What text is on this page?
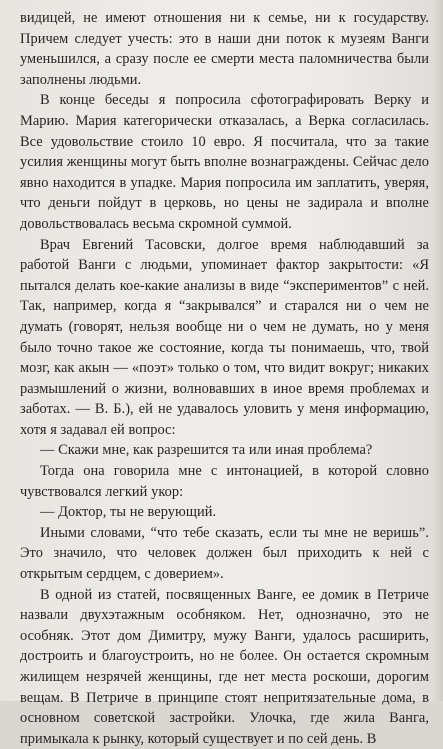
видицей, не имеют отношения ни к семье, ни к государству. Причем следует учесть: это в наши дни поток к музеям Ванги уменьшился, а сразу после ее смерти места паломничества были заполнены людьми.

В конце беседы я попросила сфотографировать Верку и Марию. Мария категорически отказалась, а Верка согласилась. Все удовольствие стоило 10 евро. Я посчитала, что за такие усилия женщины могут быть вполне вознаграждены. Сейчас дело явно находится в упадке. Мария попросила им заплатить, уверяя, что деньги пойдут в церковь, но цены не задирала и вполне довольствовалась весьма скромной суммой.

Врач Евгений Тасовски, долгое время наблюдавший за работой Ванги с людьми, упоминает фактор закрытости: «Я пытался делать кое-какие анализы в виде “экспериментов” с ней. Так, например, когда я “закрывался” и старался ни о чем не думать (говорят, нельзя вообще ни о чем не думать, но у меня было точно такое же состояние, когда ты понимаешь, что, твой мозг, как акын — «поэт» только о том, что видит вокруг; никаких размышлений о жизни, волновавших в иное время проблемах и заботах. — В. Б.), ей не удавалось уловить у меня информацию, хотя я задавал ей вопрос:

— Скажи мне, как разрешится та или иная проблема?

Тогда она говорила мне с интонацией, в которой словно чувствовался легкий укор:

— Доктор, ты не верующий.

Иными словами, “что тебе сказать, если ты мне не веришь”. Это значило, что человек должен был приходить к ней с открытым сердцем, с доверием».

В одной из статей, посвященных Ванге, ее домик в Петриче назвали двухэтажным особняком. Нет, однозначно, это не особняк. Этот дом Димитру, мужу Ванги, удалось расширить, достроить и благоустроить, но не более. Он остается скромным жилищем незрячей женщины, где нет места роскоши, дорогим вещам. В Петриче в принципе стоят непритязательные дома, в основном советской застройки. Улочка, где жила Ванга, примыкала к рынку, который существует и по сей день. В
